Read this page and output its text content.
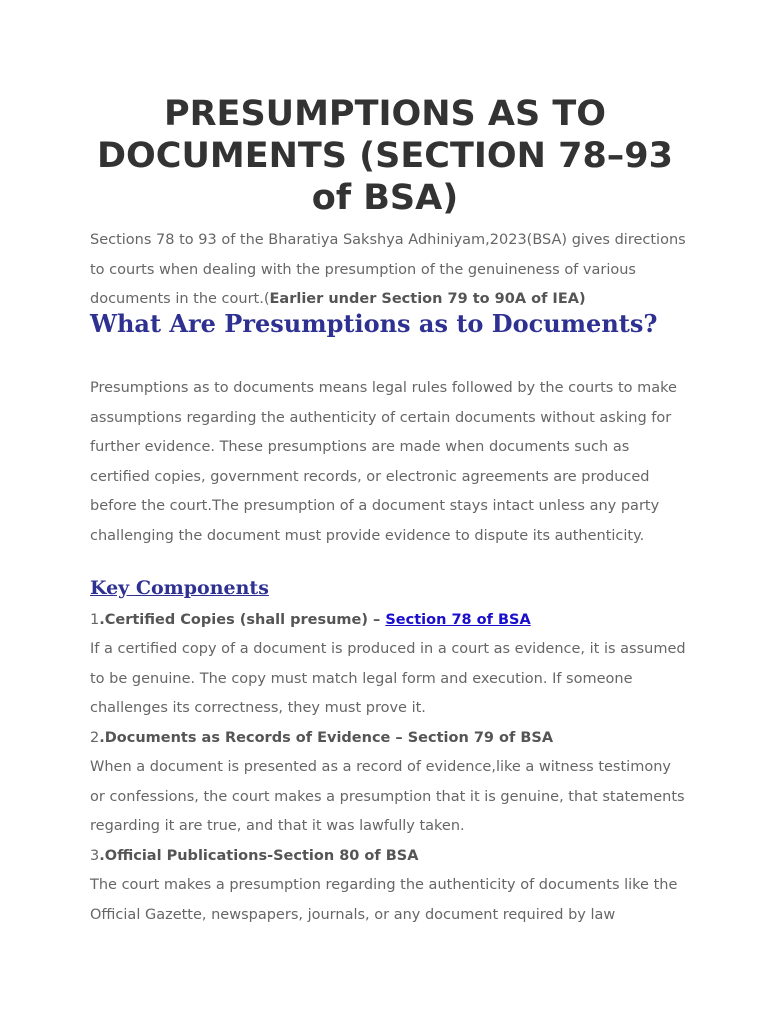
PRESUMPTIONS AS TO DOCUMENTS (SECTION 78–93 of BSA)

Sections 78 to 93 of the Bharatiya Sakshya Adhiniyam,2023(BSA) gives directions to courts when dealing with the presumption of the genuineness of various documents in the court.(Earlier under Section 79 to 90A of IEA)

What Are Presumptions as to Documents?

Presumptions as to documents means legal rules followed by the courts to make assumptions regarding the authenticity of certain documents without asking for further evidence. These presumptions are made when documents such as certified copies, government records, or electronic agreements are produced before the court.The presumption of a document stays intact unless any party challenging the document must provide evidence to dispute its authenticity.

Key Components

1.Certified Copies (shall presume) – Section 78 of BSA

If a certified copy of a document is produced in a court as evidence, it is assumed to be genuine. The copy must match legal form and execution. If someone challenges its correctness, they must prove it.

2.Documents as Records of Evidence – Section 79 of BSA

When a document is presented as a record of evidence,like a witness testimony or confessions, the court makes a presumption that it is genuine, that statements regarding it are true, and that it was lawfully taken.

3.Official Publications-Section 80 of BSA

The court makes a presumption regarding the authenticity of documents like the Official Gazette, newspapers, journals, or any document required by law
